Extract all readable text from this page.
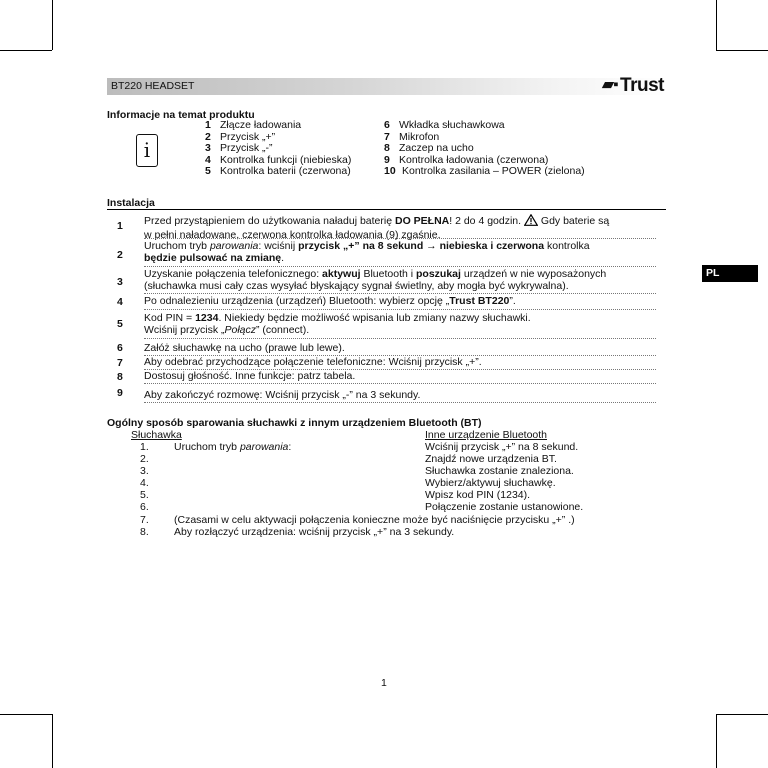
BT220 HEADSET	▰▪ Trust
Informacje na temat produktu
i
1 Złącze ładowania
2 Przycisk „+”
3 Przycisk „-”
4 Kontrolka funkcji (niebieska)
5 Kontrolka baterii (czerwona)
6 Wkładka słuchawkowa
7 Mikrofon
8 Zaczep na ucho
9 Kontrolka ładowania (czerwona)
10 Kontrolka zasilania – POWER (zielona)
Instalacja
1 Przed przystąpieniem do użytkowania naładuj baterię DO PEŁNA! 2 do 4 godzin.  Gdy baterie są
w pełni naładowane, czerwona kontrolka ładowania (9) zgaśnie.
2
Uruchom tryb parowania: wciśnij przycisk „+” na 8 sekund → niebieska i czerwona kontrolka
będzie pulsować na zmianę.
3
Uzyskanie połączenia telefonicznego: aktywuj Bluetooth i poszukaj urządzeń w nie wyposażonych
(słuchawka musi cały czas wysyłać błyskający sygnał świetlny, aby mogła być wykrywalna).
4 Po odnalezieniu urządzenia (urządzeń) Bluetooth: wybierz opcję „Trust BT220”.
5 Kod PIN = 1234. Niekiedy będzie możliwość wpisania lub zmiany nazwy słuchawki.
Wciśnij przycisk „Połącz” (connect).
6 Załóż słuchawkę na ucho (prawe lub lewe).
7 Aby odebrać przychodzące połączenie telefoniczne: Wciśnij przycisk „+”.
8 Dostosuj głośność. Inne funkcje: patrz tabela.
9 Aby zakończyć rozmowę: Wciśnij przycisk „-” na 3 sekundy.
PL
Ogólny sposób sparowania słuchawki z innym urządzeniem Bluetooth (BT)
Słuchawka	Inne urządzenie Bluetooth
1. Uruchom tryb parowania:	Wciśnij przycisk „+” na 8 sekund.
2.	Znajdź nowe urządzenia BT.
3.	Słuchawka zostanie znaleziona.
4.	Wybierz/aktywuj słuchawkę.
5.	Wpisz kod PIN (1234).
6.	Połączenie zostanie ustanowione.
7. (Czasami w celu aktywacji połączenia konieczne może być naciśnięcie przycisku „+” .)
8. Aby rozłączyć urządzenia: wciśnij przycisk „+” na 3 sekundy.
1
